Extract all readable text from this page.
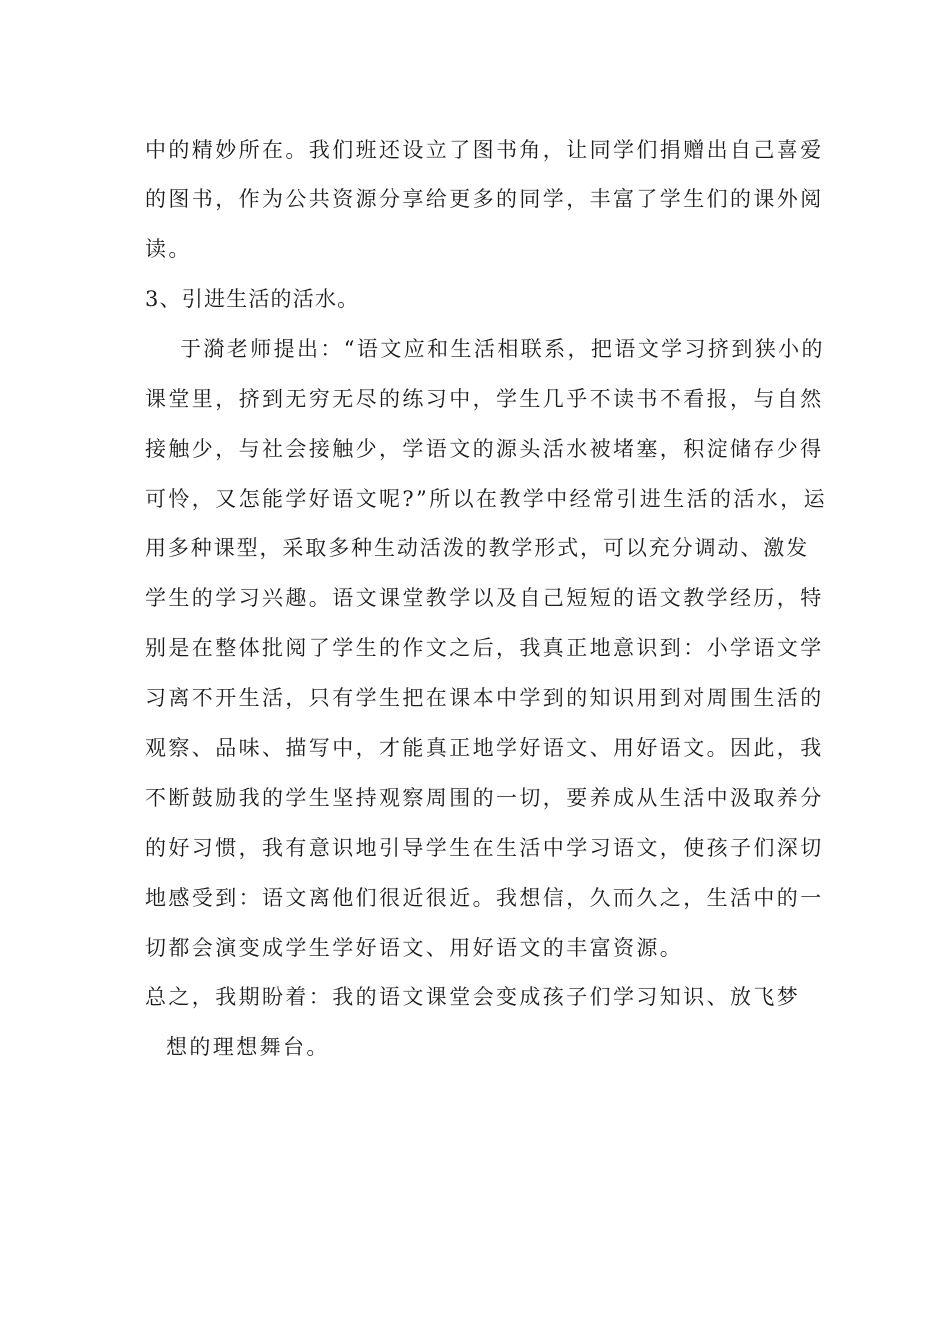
中的精妙所在。我们班还设立了图书角，让同学们捐赠出自己喜爱
的图书，作为公共资源分享给更多的同学，丰富了学生们的课外阅
读。
3、引进生活的活水。
于漪老师提出：“语文应和生活相联系，把语文学习挤到狭小的
课堂里，挤到无穷无尽的练习中，学生几乎不读书不看报，与自然
接触少，与社会接触少，学语文的源头活水被堵塞，积淀储存少得
可怜，又怎能学好语文呢?”所以在教学中经常引进生活的活水，运
用多种课型，采取多种生动活泼的教学形式，可以充分调动、激发
学生的学习兴趣。语文课堂教学以及自己短短的语文教学经历，特
别是在整体批阅了学生的作文之后，我真正地意识到：小学语文学
习离不开生活，只有学生把在课本中学到的知识用到对周围生活的
观察、品味、描写中，才能真正地学好语文、用好语文。因此，我
不断鼓励我的学生坚持观察周围的一切，要养成从生活中汲取养分
的好习惯，我有意识地引导学生在生活中学习语文，使孩子们深切
地感受到：语文离他们很近很近。我想信，久而久之，生活中的一
切都会演变成学生学好语文、用好语文的丰富资源。
总之，我期盼着：我的语文课堂会变成孩子们学习知识、放飞梦
想的理想舞台。
